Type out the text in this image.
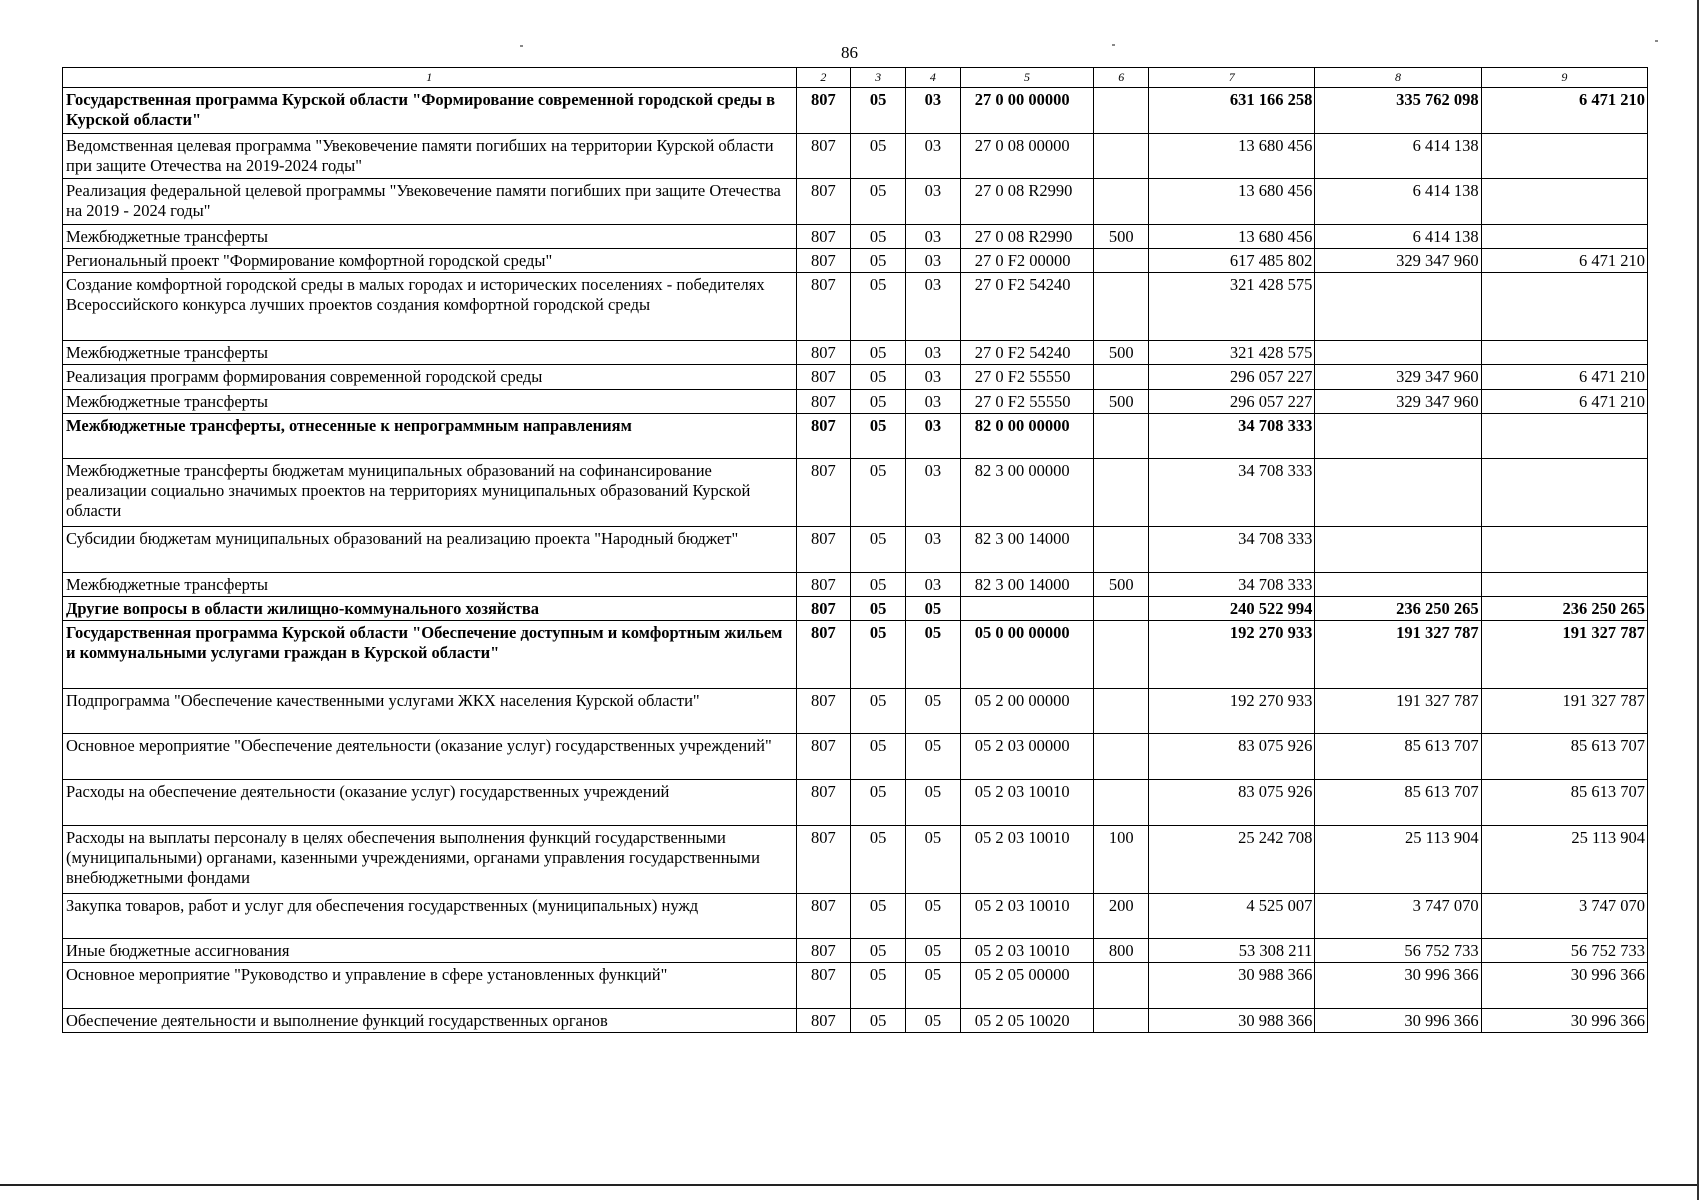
86
1	2	3	4	5	6	7	8	9
Государственная программа Курской области "Формирование современной городской среды в Курской области"	807	05	03	27 0 00 00000		631 166 258	335 762 098	6 471 210
Ведомственная целевая программа "Увековечение памяти погибших на территории Курской области при защите Отечества на 2019-2024 годы"	807	05	03	27 0 08 00000		13 680 456	6 414 138	
Реализация федеральной целевой программы "Увековечение памяти погибших при защите Отечества на 2019 - 2024 годы"	807	05	03	27 0 08 R2990		13 680 456	6 414 138	
Межбюджетные трансферты	807	05	03	27 0 08 R2990	500	13 680 456	6 414 138	
Региональный проект "Формирование комфортной городской среды"	807	05	03	27 0 F2 00000		617 485 802	329 347 960	6 471 210
Создание комфортной городской среды в малых городах и исторических поселениях - победителях Всероссийского конкурса лучших проектов создания комфортной городской среды	807	05	03	27 0 F2 54240		321 428 575		
Межбюджетные трансферты	807	05	03	27 0 F2 54240	500	321 428 575		
Реализация программ формирования современной городской среды	807	05	03	27 0 F2 55550		296 057 227	329 347 960	6 471 210
Межбюджетные трансферты	807	05	03	27 0 F2 55550	500	296 057 227	329 347 960	6 471 210
Межбюджетные трансферты, отнесенные к непрограммным направлениям	807	05	03	82 0 00 00000		34 708 333		
Межбюджетные трансферты бюджетам муниципальных образований на софинансирование реализации социально значимых проектов на территориях муниципальных образований Курской области	807	05	03	82 3 00 00000		34 708 333		
Субсидии бюджетам муниципальных образований на реализацию проекта "Народный бюджет"	807	05	03	82 3 00 14000		34 708 333		
Межбюджетные трансферты	807	05	03	82 3 00 14000	500	34 708 333		
Другие вопросы в области жилищно-коммунального хозяйства	807	05	05			240 522 994	236 250 265	236 250 265
Государственная программа Курской области "Обеспечение доступным и комфортным жильем и коммунальными услугами граждан в Курской области"	807	05	05	05 0 00 00000		192 270 933	191 327 787	191 327 787
Подпрограмма "Обеспечение качественными услугами ЖКХ населения Курской области"	807	05	05	05 2 00 00000		192 270 933	191 327 787	191 327 787
Основное мероприятие "Обеспечение деятельности (оказание услуг) государственных учреждений"	807	05	05	05 2 03 00000		83 075 926	85 613 707	85 613 707
Расходы на обеспечение деятельности (оказание услуг) государственных учреждений	807	05	05	05 2 03 10010		83 075 926	85 613 707	85 613 707
Расходы на выплаты персоналу в целях обеспечения выполнения функций государственными (муниципальными) органами, казенными учреждениями, органами управления государственными внебюджетными фондами	807	05	05	05 2 03 10010	100	25 242 708	25 113 904	25 113 904
Закупка товаров, работ и услуг для обеспечения государственных (муниципальных) нужд	807	05	05	05 2 03 10010	200	4 525 007	3 747 070	3 747 070
Иные бюджетные ассигнования	807	05	05	05 2 03 10010	800	53 308 211	56 752 733	56 752 733
Основное мероприятие "Руководство и управление в сфере установленных функций"	807	05	05	05 2 05 00000		30 988 366	30 996 366	30 996 366
Обеспечение деятельности и выполнение функций государственных органов	807	05	05	05 2 05 10020		30 988 366	30 996 366	30 996 366
